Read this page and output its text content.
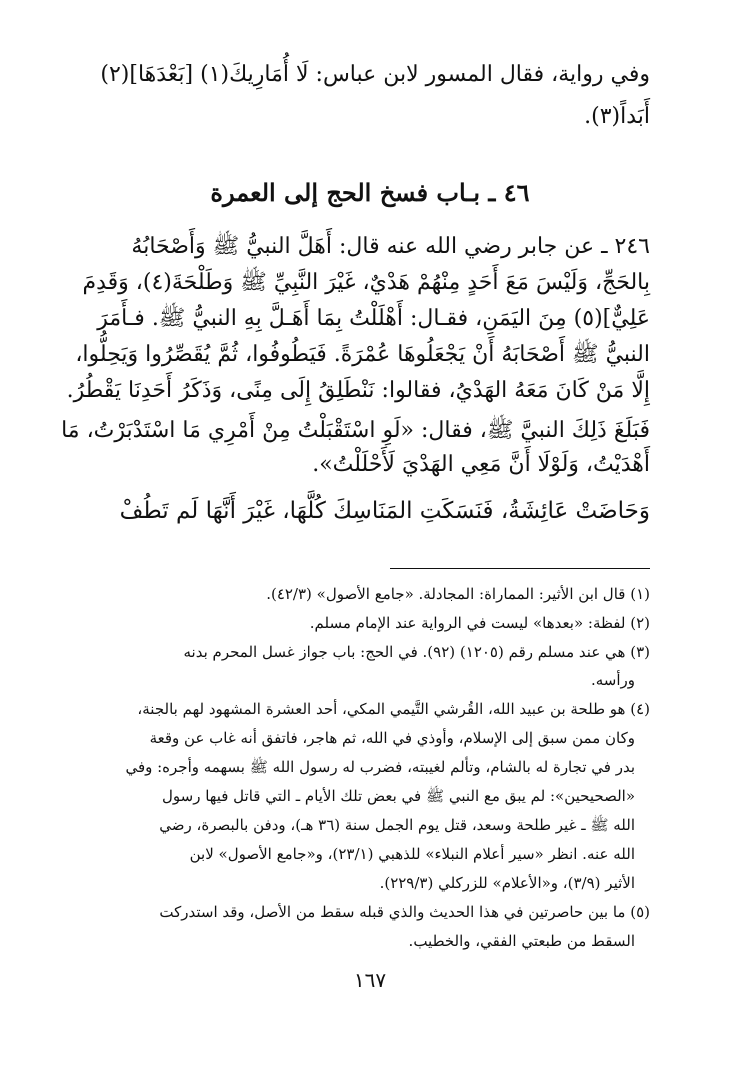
وفي رواية، فقال المسور لابن عباس: لَا أُمَارِيكَ(١) [بَعْدَهَا](٢)
أَبَداً(٣).
٤٦ ـ بـاب فسخ الحج إلى العمرة
٢٤٦ ـ عن جابر رضي الله عنه قال: أَهَلَّ النبيُّ ﷺ وَأَصْحَابُهُ
بِالحَجِّ، وَلَيْسَ مَعَ أَحَدٍ مِنْهُمْ هَدْيٌ، غَيْرَ النَّبِيِّ ﷺ وَطَلْحَةَ(٤)، وَقَدِمَ
عَلِيٌّ](٥) مِنَ اليَمَنِ، فقـال: أَهْلَلْتُ بِمَا أَهَـلَّ بِهِ النبيُّ ﷺ. فـأَمَرَ
النبيُّ ﷺ أَصْحَابَهُ أَنْ يَجْعَلُوهَا عُمْرَةً. فَيَطُوفُوا، ثُمَّ يُقَصِّرُوا وَيَحِلُّوا،
إِلَّا مَنْ كَانَ مَعَهُ الهَدْيُ، فقالوا: نَنْطَلِقُ إِلَى مِنًى، وَذَكَرُ أَحَدِنَا يَقْطُرُ.
فَبَلَغَ ذَلِكَ النبيَّ ﷺ، فقال: «لَوِ اسْتَقْبَلْتُ مِنْ أَمْرِي مَا اسْتَدْبَرْتُ، مَا
أَهْدَيْتُ، وَلَوْلَا أَنَّ مَعِي الهَدْيَ لَأَحْلَلْتُ».
وَحَاضَتْ عَائِشَةُ، فَنَسَكَتِ المَنَاسِكَ كُلَّهَا، غَيْرَ أَنَّهَا لَم تَطُفْ
(١) قال ابن الأثير: المماراة: المجادلة. «جامع الأصول» (٤٢/٣).
(٢) لفظة: «بعدها» ليست في الرواية عند الإمام مسلم.
(٣) هي عند مسلم رقم (١٢٠٥) (٩٢). في الحج: باب جواز غسل المحرم بدنه
ورأسه.
(٤) هو طلحة بن عبيد الله، القُرشي التَّيمي المكي، أحد العشرة المشهود لهم بالجنة،
وكان ممن سبق إلى الإسلام، وأوذي في الله، ثم هاجر، فاتفق أنه غاب عن وقعة
بدر في تجارة له بالشام، وتألم لغيبته، فضرب له رسول الله ﷺ بسهمه وأجره: وفي
«الصحيحين»: لم يبق مع النبي ﷺ في بعض تلك الأيام ـ التي قاتل فيها رسول
الله ﷺ ـ غير طلحة وسعد، قتل يوم الجمل سنة (٣٦ هـ)، ودفن بالبصرة، رضي
الله عنه. انظر «سير أعلام النبلاء» للذهبي (٢٣/١)، و«جامع الأصول» لابن
الأثير (٣/٩)، و«الأعلام» للزركلي (٢٢٩/٣).
(٥) ما بين حاصرتين في هذا الحديث والذي قبله سقط من الأصل، وقد استدركت
السقط من طبعتي الفقي، والخطيب.
١٦٧
